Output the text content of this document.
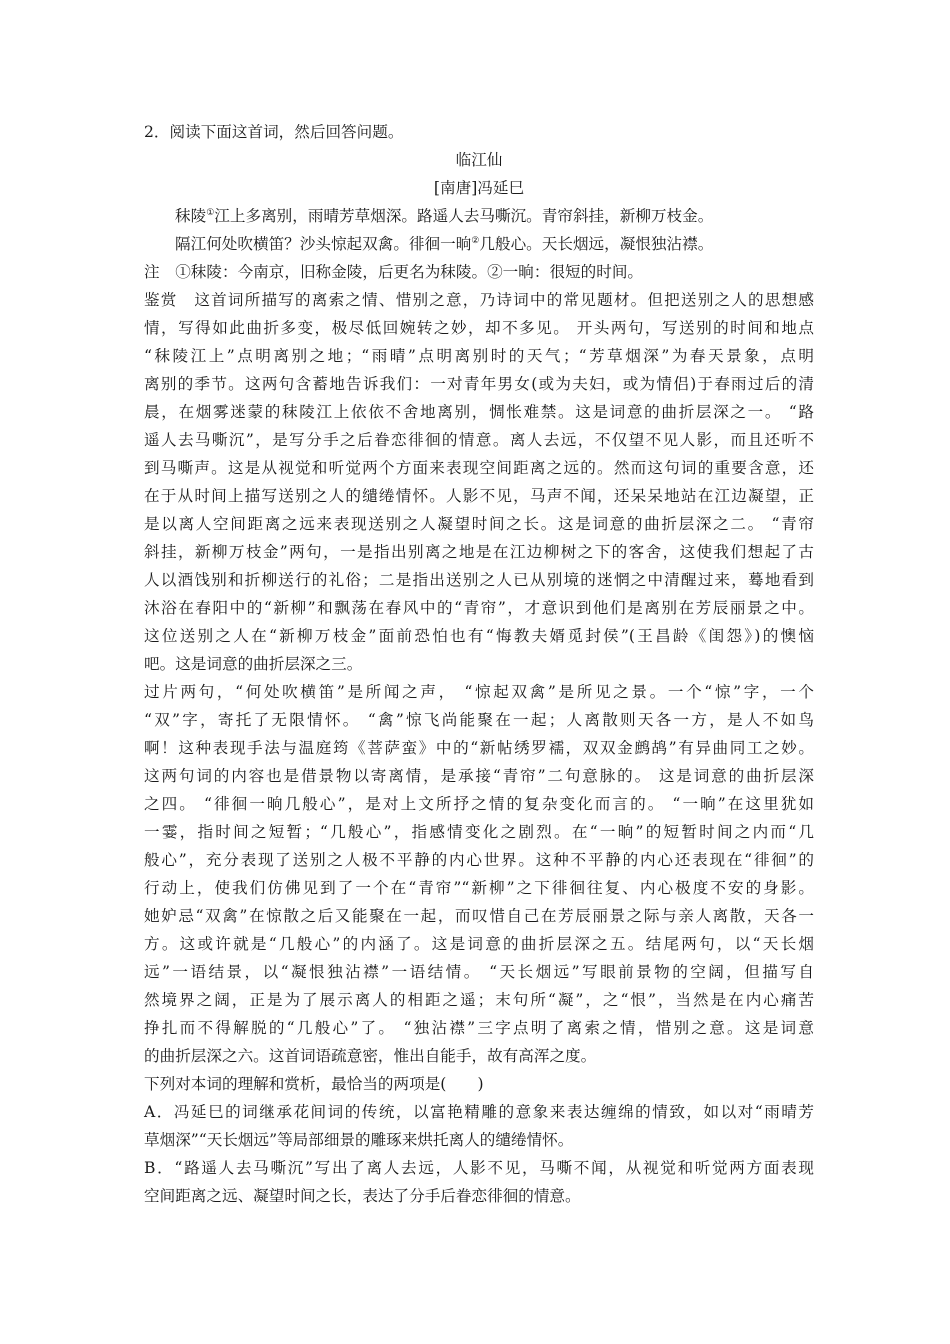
2．阅读下面这首词，然后回答问题。
临江仙
[南唐]冯延巳
秣陵①江上多离别，雨晴芳草烟深。路遥人去马嘶沉。青帘斜挂，新柳万枝金。
隔江何处吹横笛？沙头惊起双禽。徘徊一晌②几般心。天长烟远，凝恨独沾襟。
注　①秣陵：今南京，旧称金陵，后更名为秣陵。②一晌：很短的时间。
鉴赏　这首词所描写的离索之情、惜别之意，乃诗词中的常见题材。但把送别之人的思想感
情，写得如此曲折多变，极尽低回婉转之妙，却不多见。 开头两句，写送别的时间和地点
“秣陵江上”点明离别之地；“雨晴”点明离别时的天气；“芳草烟深”为春天景象，点明
离别的季节。这两句含蓄地告诉我们：一对青年男女(或为夫妇，或为情侣)于春雨过后的清
晨，在烟雾迷蒙的秣陵江上依依不舍地离别，惆怅难禁。这是词意的曲折层深之一。 “路
遥人去马嘶沉”，是写分手之后眷恋徘徊的情意。离人去远，不仅望不见人影，而且还听不
到马嘶声。这是从视觉和听觉两个方面来表现空间距离之远的。然而这句词的重要含意，还
在于从时间上描写送别之人的缱绻情怀。人影不见，马声不闻，还呆呆地站在江边凝望，正
是以离人空间距离之远来表现送别之人凝望时间之长。这是词意的曲折层深之二。 “青帘
斜挂，新柳万枝金”两句，一是指出别离之地是在江边柳树之下的客舍，这使我们想起了古
人以酒饯别和折柳送行的礼俗；二是指出送别之人已从别境的迷惘之中清醒过来，蓦地看到
沐浴在春阳中的“新柳”和飘荡在春风中的“青帘”，才意识到他们是离别在芳辰丽景之中。
这位送别之人在“新柳万枝金”面前恐怕也有“悔教夫婿觅封侯”(王昌龄《闺怨》)的懊恼
吧。这是词意的曲折层深之三。
过片两句，“何处吹横笛”是所闻之声， “惊起双禽”是所见之景。一个“惊”字，一个
“双”字，寄托了无限情怀。 “禽”惊飞尚能聚在一起；人离散则天各一方，是人不如鸟
啊！这种表现手法与温庭筠《菩萨蛮》中的“新帖绣罗襦，双双金鹧鸪”有异曲同工之妙。
这两句词的内容也是借景物以寄离情，是承接“青帘”二句意脉的。 这是词意的曲折层深
之四。 “徘徊一晌几般心”，是对上文所抒之情的复杂变化而言的。 “一晌”在这里犹如
一霎，指时间之短暂；“几般心”，指感情变化之剧烈。在“一晌”的短暂时间之内而“几
般心”，充分表现了送别之人极不平静的内心世界。这种不平静的内心还表现在“徘徊”的
行动上，使我们仿佛见到了一个在“青帘”“新柳”之下徘徊往复、内心极度不安的身影。
她妒忌“双禽”在惊散之后又能聚在一起，而叹惜自己在芳辰丽景之际与亲人离散，天各一
方。这或许就是“几般心”的内涵了。这是词意的曲折层深之五。结尾两句，以“天长烟
远”一语结景，以“凝恨独沾襟”一语结情。 “天长烟远”写眼前景物的空阔，但描写自
然境界之阔，正是为了展示离人的相距之遥；末句所“凝”，之“恨”，当然是在内心痛苦
挣扎而不得解脱的“几般心”了。 “独沾襟”三字点明了离索之情，惜别之意。这是词意
的曲折层深之六。这首词语疏意密，惟出自能手，故有高浑之度。
下列对本词的理解和赏析，最恰当的两项是(　　)
A．冯延巳的词继承花间词的传统，以富艳精雕的意象来表达缠绵的情致，如以对“雨晴芳
草烟深”“天长烟远”等局部细景的雕琢来烘托离人的缱绻情怀。
B．“路遥人去马嘶沉”写出了离人去远，人影不见，马嘶不闻，从视觉和听觉两方面表现
空间距离之远、凝望时间之长，表达了分手后眷恋徘徊的情意。
